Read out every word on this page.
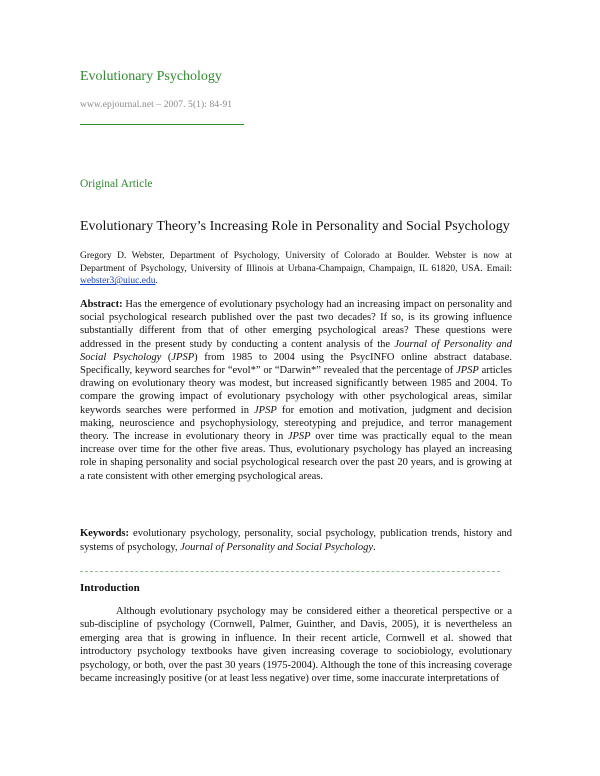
Evolutionary Psychology
www.epjournal.net – 2007. 5(1): 84-91
Original Article
Evolutionary Theory’s Increasing Role in Personality and Social Psychology
Gregory D. Webster, Department of Psychology, University of Colorado at Boulder. Webster is now at Department of Psychology, University of Illinois at Urbana-Champaign, Champaign, IL 61820, USA. Email: webster3@uiuc.edu.
Abstract: Has the emergence of evolutionary psychology had an increasing impact on personality and social psychological research published over the past two decades? If so, is its growing influence substantially different from that of other emerging psychological areas? These questions were addressed in the present study by conducting a content analysis of the Journal of Personality and Social Psychology (JPSP) from 1985 to 2004 using the PsycINFO online abstract database. Specifically, keyword searches for “evol*” or “Darwin*” revealed that the percentage of JPSP articles drawing on evolutionary theory was modest, but increased significantly between 1985 and 2004. To compare the growing impact of evolutionary psychology with other psychological areas, similar keywords searches were performed in JPSP for emotion and motivation, judgment and decision making, neuroscience and psychophysiology, stereotyping and prejudice, and terror management theory. The increase in evolutionary theory in JPSP over time was practically equal to the mean increase over time for the other five areas. Thus, evolutionary psychology has played an increasing role in shaping personality and social psychological research over the past 20 years, and is growing at a rate consistent with other emerging psychological areas.
Keywords: evolutionary psychology, personality, social psychology, publication trends, history and systems of psychology, Journal of Personality and Social Psychology.
Introduction
Although evolutionary psychology may be considered either a theoretical perspective or a sub-discipline of psychology (Cornwell, Palmer, Guinther, and Davis, 2005), it is nevertheless an emerging area that is growing in influence. In their recent article, Cornwell et al. showed that introductory psychology textbooks have given increasing coverage to sociobiology, evolutionary psychology, or both, over the past 30 years (1975-2004). Although the tone of this increasing coverage became increasingly positive (or at least less negative) over time, some inaccurate interpretations of
